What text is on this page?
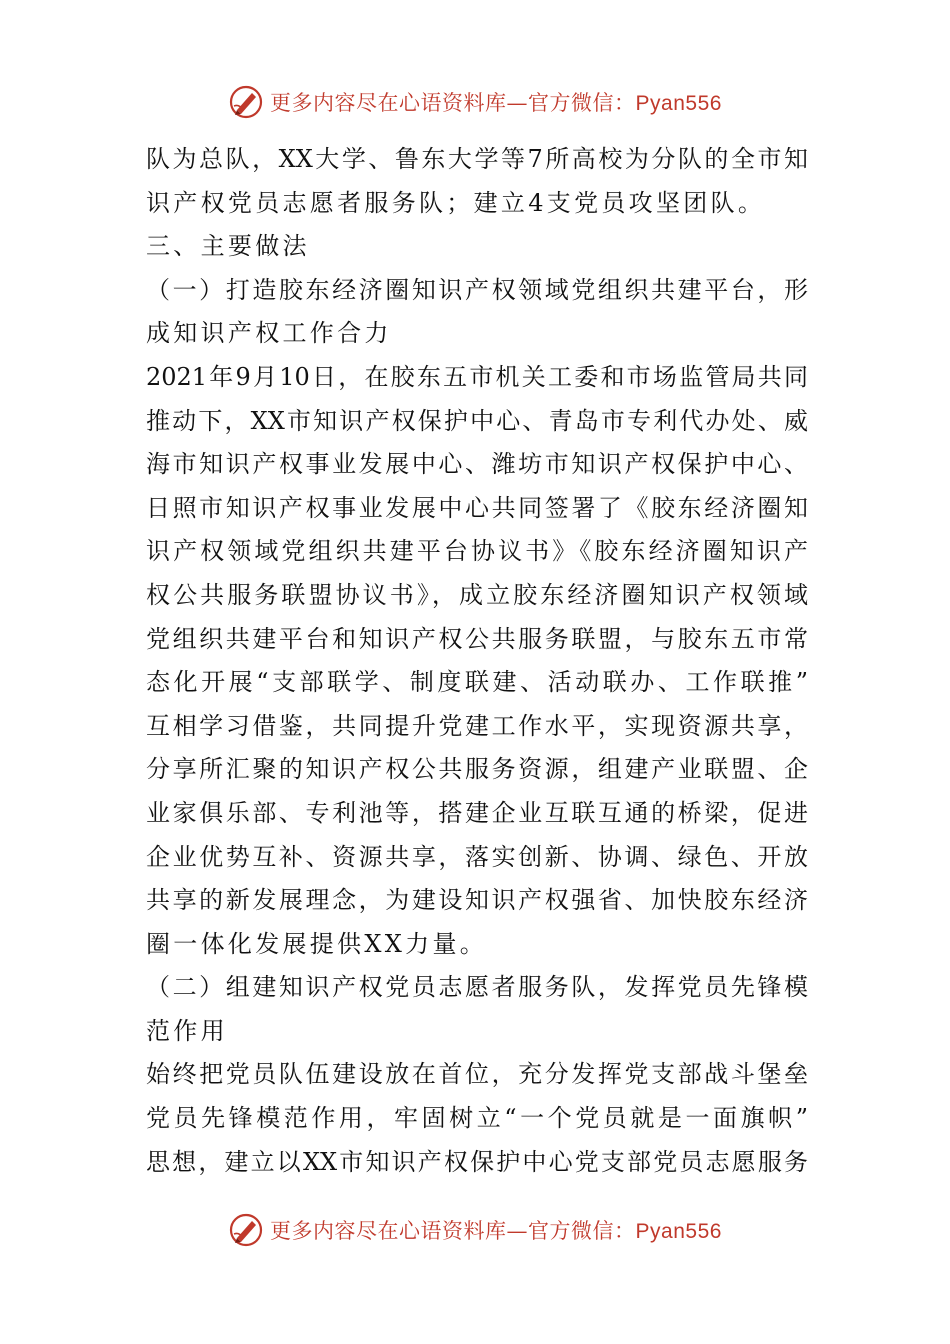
更多内容尽在心语资料库—官方微信：Pyan556
队为总队，XX大学、鲁东大学等7所高校为分队的全市知
识产权党员志愿者服务队；建立4支党员攻坚团队。
三、主要做法
（一）打造胶东经济圈知识产权领域党组织共建平台，形
成知识产权工作合力
2021年9月10日，在胶东五市机关工委和市场监管局共同
推动下，XX市知识产权保护中心、青岛市专利代办处、威
海市知识产权事业发展中心、潍坊市知识产权保护中心、
日照市知识产权事业发展中心共同签署了《胶东经济圈知
识产权领域党组织共建平台协议书》《胶东经济圈知识产
权公共服务联盟协议书》，成立胶东经济圈知识产权领域
党组织共建平台和知识产权公共服务联盟，与胶东五市常
态化开展“支部联学、制度联建、活动联办、工作联推”
互相学习借鉴，共同提升党建工作水平，实现资源共享，
分享所汇聚的知识产权公共服务资源，组建产业联盟、企
业家俱乐部、专利池等，搭建企业互联互通的桥梁，促进
企业优势互补、资源共享，落实创新、协调、绿色、开放
共享的新发展理念，为建设知识产权强省、加快胶东经济
圈一体化发展提供XX力量。
（二）组建知识产权党员志愿者服务队，发挥党员先锋模
范作用
始终把党员队伍建设放在首位，充分发挥党支部战斗堡垒
党员先锋模范作用，牢固树立“一个党员就是一面旗帜”
思想，建立以XX市知识产权保护中心党支部党员志愿服务
更多内容尽在心语资料库—官方微信：Pyan556
